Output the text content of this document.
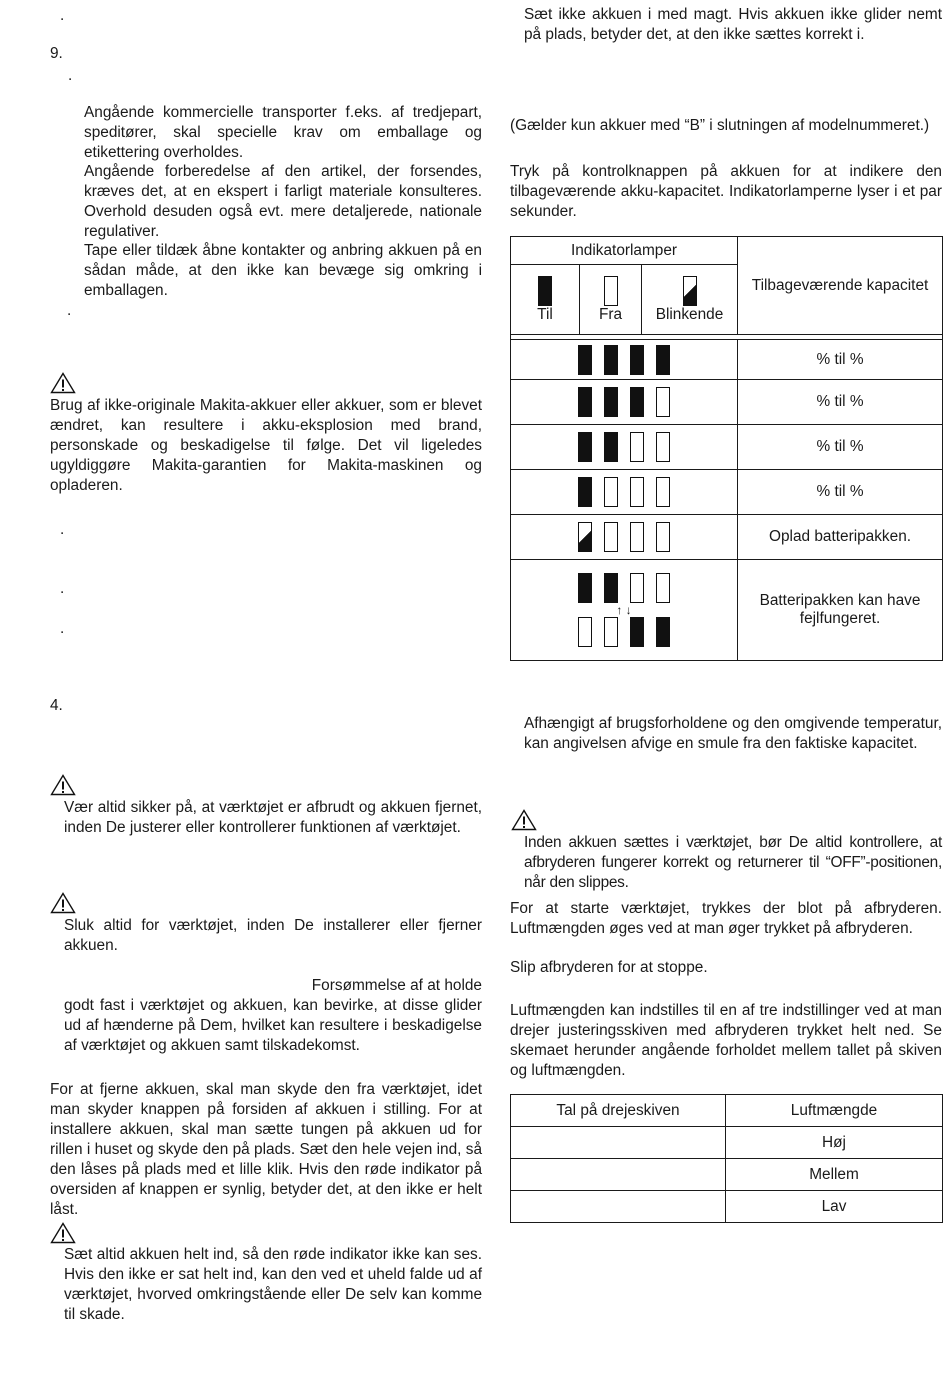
.
9.
.
Angående kommercielle transporter f.eks. af tredjepart, speditører, skal specielle krav om emballage og etikettering overholdes.
Angående forberedelse af den artikel, der forsendes, kræves det, at en ekspert i farligt materiale konsulteres. Overhold desuden også evt. mere detaljerede, nationale regulativer.
Tape eller tildæk åbne kontakter og anbring akkuen på en sådan måde, at den ikke kan bevæge sig omkring i emballagen.
.
Brug af ikke-originale Makita-akkuer eller akkuer, som er blevet ændret, kan resultere i akku-eksplosion med brand, personskade og beskadigelse til følge. Det vil ligeledes ugyldiggøre Makita-garantien for Makita-maskinen og opladeren.
.
.
.
4.
Vær altid sikker på, at værktøjet er afbrudt og akkuen fjernet, inden De justerer eller kontrollerer funktionen af værktøjet.
Sluk altid for værktøjet, inden De installerer eller fjerner akkuen.
Forsømmelse af at holde
godt fast i værktøjet og akkuen, kan bevirke, at disse glider ud af hænderne på Dem, hvilket kan resultere i beskadigelse af værktøjet og akkuen samt tilskadekomst.
For at fjerne akkuen, skal man skyde den fra værktøjet, idet man skyder knappen på forsiden af akkuen i stilling. For at installere akkuen, skal man sætte tungen på akkuen ud for rillen i huset og skyde den på plads. Sæt den hele vejen ind, så den låses på plads med et lille klik. Hvis den røde indikator på oversiden af knappen er synlig, betyder det, at den ikke er helt låst.
Sæt altid akkuen helt ind, så den røde indikator ikke kan ses. Hvis den ikke er sat helt ind, kan den ved et uheld falde ud af værktøjet, hvorved omkringstående eller De selv kan komme til skade.
Sæt ikke akkuen i med magt. Hvis akkuen ikke glider nemt på plads, betyder det, at den ikke sættes korrekt i.
(Gælder kun akkuer med “B” i slutningen af modelnummeret.)
Tryk på kontrolknappen på akkuen for at indikere den tilbageværende akku-kapacitet. Indikatorlamperne lyser i et par sekunder.
Indikatorlamper			Tilbageværende kapacitet

Til	Fra	Blinkende	

			% til %
			% til %
			% til %
			% til %
			Oplad batteripakken.

↑ ↓			Batteripakken kan have fejlfungeret.
Afhængigt af brugsforholdene og den omgivende temperatur, kan angivelsen afvige en smule fra den faktiske kapacitet.
Inden akkuen sættes i værktøjet, bør De altid kontrollere, at afbryderen fungerer korrekt og returnerer til “OFF”-positionen, når den slippes.
For at starte værktøjet, trykkes der blot på afbryderen. Luftmængden øges ved at man øger trykket på afbryderen.
Slip afbryderen for at stoppe.
Luftmængden kan indstilles til en af tre indstillinger ved at man drejer justeringsskiven med afbryderen trykket helt ned. Se skemaet herunder angående forholdet mellem tallet på skiven og luftmængden.
Tal på drejeskiven	Luftmængde
	Høj
	Mellem
	Lav
